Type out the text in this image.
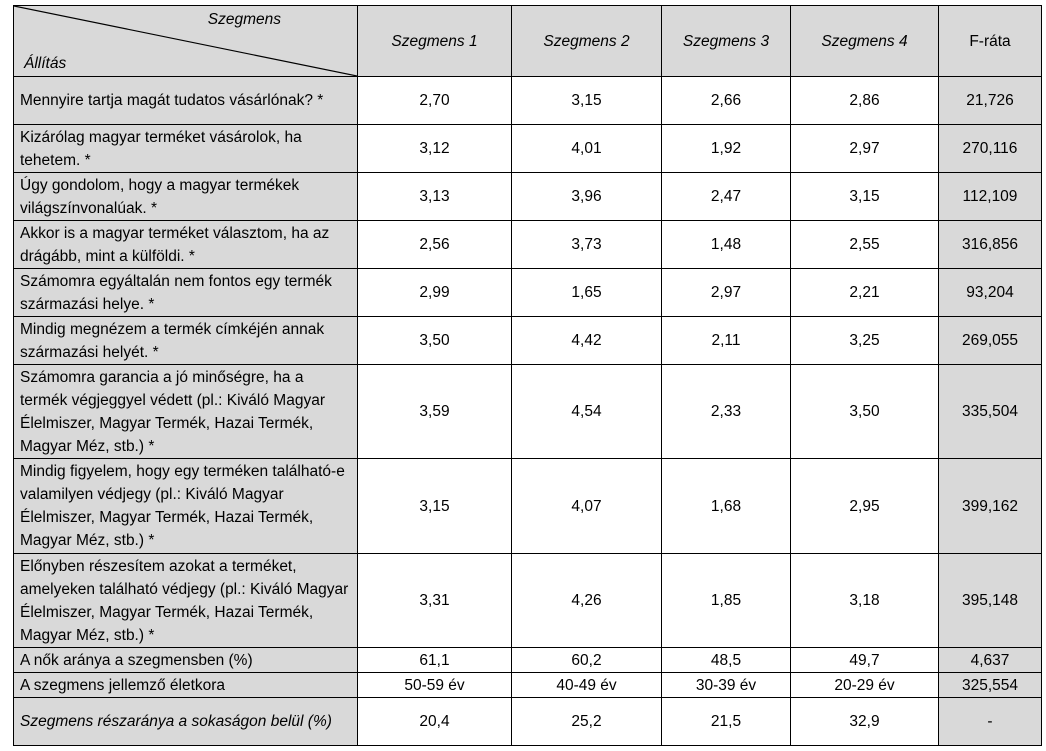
Szegmens
Állítás	Szegmens 1	Szegmens 2	Szegmens 3	Szegmens 4	F-ráta
Mennyire tartja magát tudatos vásárlónak? *	2,70	3,15	2,66	2,86	21,726
Kizárólag magyar terméket vásárolok, ha tehetem. *	3,12	4,01	1,92	2,97	270,116
Úgy gondolom, hogy a magyar termékek világszínvonalúak. *	3,13	3,96	2,47	3,15	112,109
Akkor is a magyar terméket választom, ha az drágább, mint a külföldi. *	2,56	3,73	1,48	2,55	316,856
Számomra egyáltalán nem fontos egy termék származási helye. *	2,99	1,65	2,97	2,21	93,204
Mindig megnézem a termék címkéjén annak származási helyét. *	3,50	4,42	2,11	3,25	269,055
Számomra garancia a jó minőségre, ha a termék végjeggyel védett (pl.: Kiváló Magyar Élelmiszer, Magyar Termék, Hazai Termék, Magyar Méz, stb.) *	3,59	4,54	2,33	3,50	335,504
Mindig figyelem, hogy egy terméken található-e valamilyen védjegy (pl.: Kiváló Magyar Élelmiszer, Magyar Termék, Hazai Termék, Magyar Méz, stb.) *	3,15	4,07	1,68	2,95	399,162
Előnyben részesítem azokat a terméket, amelyeken található védjegy (pl.: Kiváló Magyar Élelmiszer, Magyar Termék, Hazai Termék, Magyar Méz, stb.) *	3,31	4,26	1,85	3,18	395,148
A nők aránya a szegmensben (%)	61,1	60,2	48,5	49,7	4,637
A szegmens jellemző életkora	50-59 év	40-49 év	30-39 év	20-29 év	325,554
Szegmens részaránya a sokaságon belül (%)	20,4	25,2	21,5	32,9	-
